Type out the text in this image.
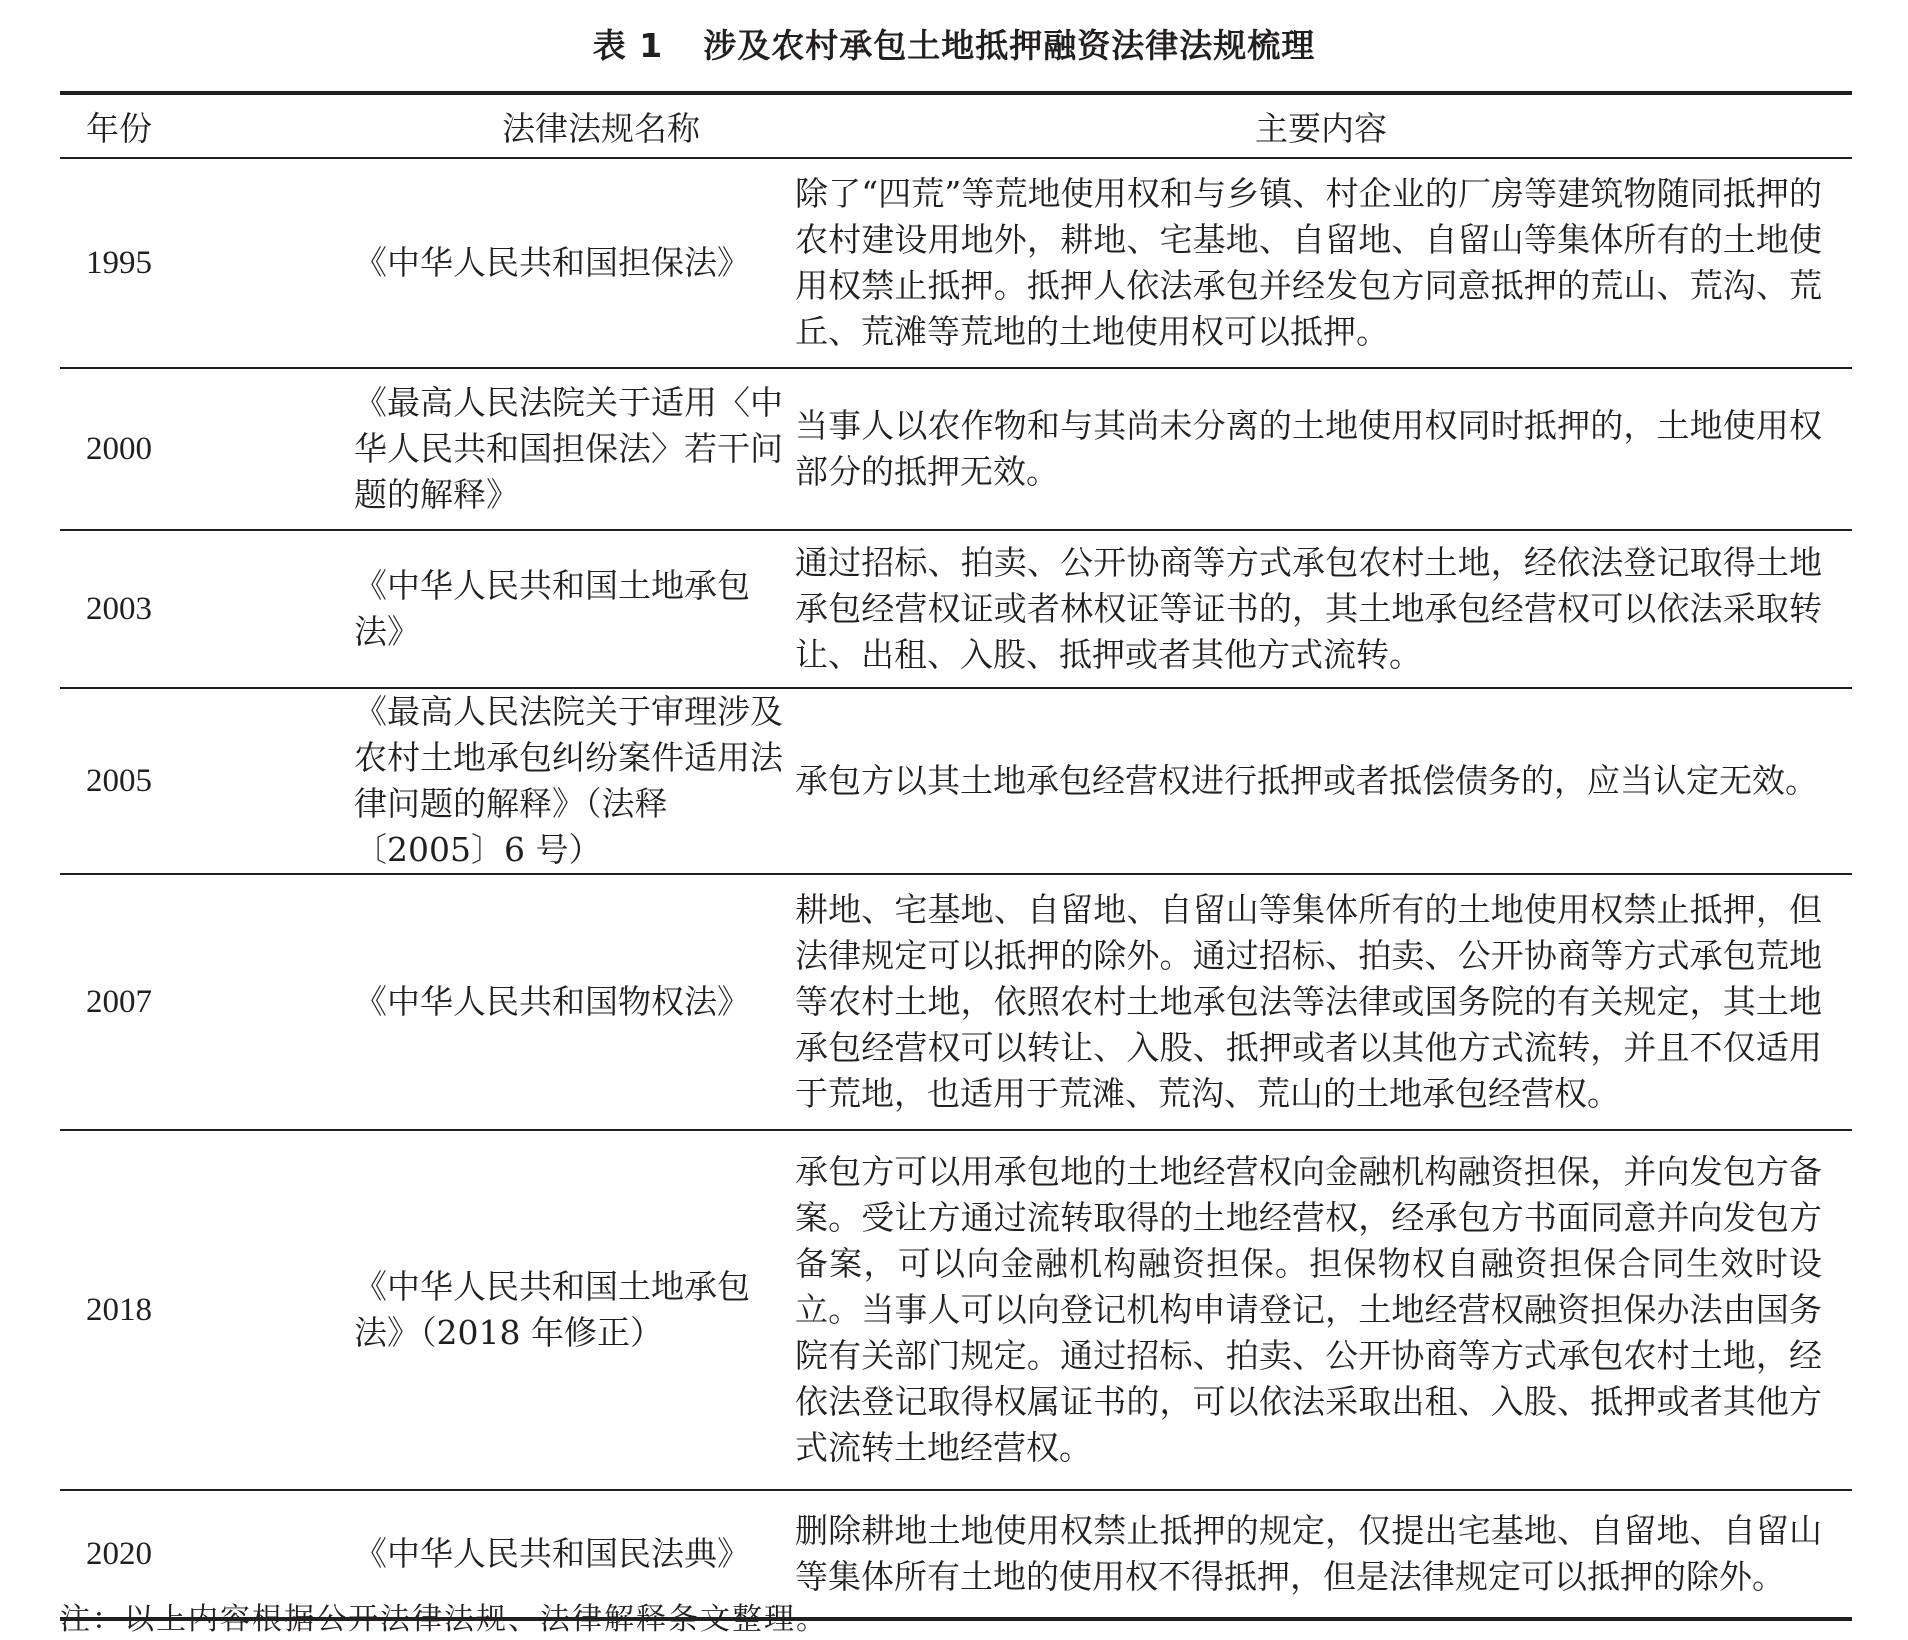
表 1 涉及农村承包土地抵押融资法律法规梳理
年份	法律法规名称	主要内容
1995	《中华人民共和国担保法》	除了“四荒”等荒地使用权和与乡镇、村企业的厂房等建筑物随同抵押的农村建设用地外，耕地、宅基地、自留地、自留山等集体所有的土地使用权禁止抵押。抵押人依法承包并经发包方同意抵押的荒山、荒沟、荒丘、荒滩等荒地的土地使用权可以抵押。
2000	《最高人民法院关于适用〈中华人民共和国担保法〉若干问题的解释》	当事人以农作物和与其尚未分离的土地使用权同时抵押的，土地使用权部分的抵押无效。
2003	《中华人民共和国土地承包法》	通过招标、拍卖、公开协商等方式承包农村土地，经依法登记取得土地承包经营权证或者林权证等证书的，其土地承包经营权可以依法采取转让、出租、入股、抵押或者其他方式流转。
2005	《最高人民法院关于审理涉及农村土地承包纠纷案件适用法律问题的解释》（法释〔2005〕6 号）	承包方以其土地承包经营权进行抵押或者抵偿债务的，应当认定无效。
2007	《中华人民共和国物权法》	耕地、宅基地、自留地、自留山等集体所有的土地使用权禁止抵押，但法律规定可以抵押的除外。通过招标、拍卖、公开协商等方式承包荒地等农村土地，依照农村土地承包法等法律或国务院的有关规定，其土地承包经营权可以转让、入股、抵押或者以其他方式流转，并且不仅适用于荒地，也适用于荒滩、荒沟、荒山的土地承包经营权。
2018	《中华人民共和国土地承包法》（2018 年修正）	承包方可以用承包地的土地经营权向金融机构融资担保，并向发包方备案。受让方通过流转取得的土地经营权，经承包方书面同意并向发包方备案，可以向金融机构融资担保。担保物权自融资担保合同生效时设立。当事人可以向登记机构申请登记，土地经营权融资担保办法由国务院有关部门规定。通过招标、拍卖、公开协商等方式承包农村土地，经依法登记取得权属证书的，可以依法采取出租、入股、抵押或者其他方式流转土地经营权。
2020	《中华人民共和国民法典》	删除耕地土地使用权禁止抵押的规定，仅提出宅基地、自留地、自留山等集体所有土地的使用权不得抵押，但是法律规定可以抵押的除外。
注：以上内容根据公开法律法规、法律解释条文整理。
